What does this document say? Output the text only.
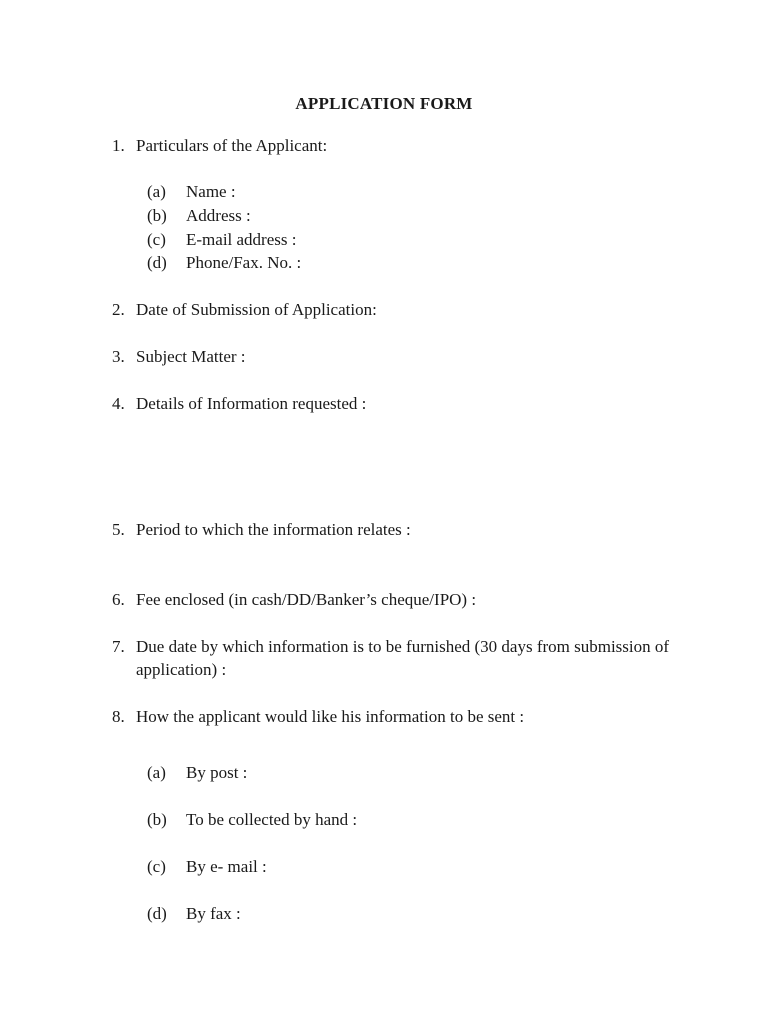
APPLICATION FORM
1. Particulars of the Applicant:
(a) Name :
(b) Address :
(c) E-mail address :
(d) Phone/Fax. No. :
2. Date of Submission of Application:
3. Subject Matter :
4. Details of Information requested :
5. Period to which the information relates :
6. Fee enclosed (in cash/DD/Banker’s cheque/IPO) :
7. Due date by which information is to be furnished (30 days from submission of application) :
8. How the applicant would like his information to be sent :
(a) By post :
(b) To be collected by hand :
(c) By e- mail :
(d) By fax :
